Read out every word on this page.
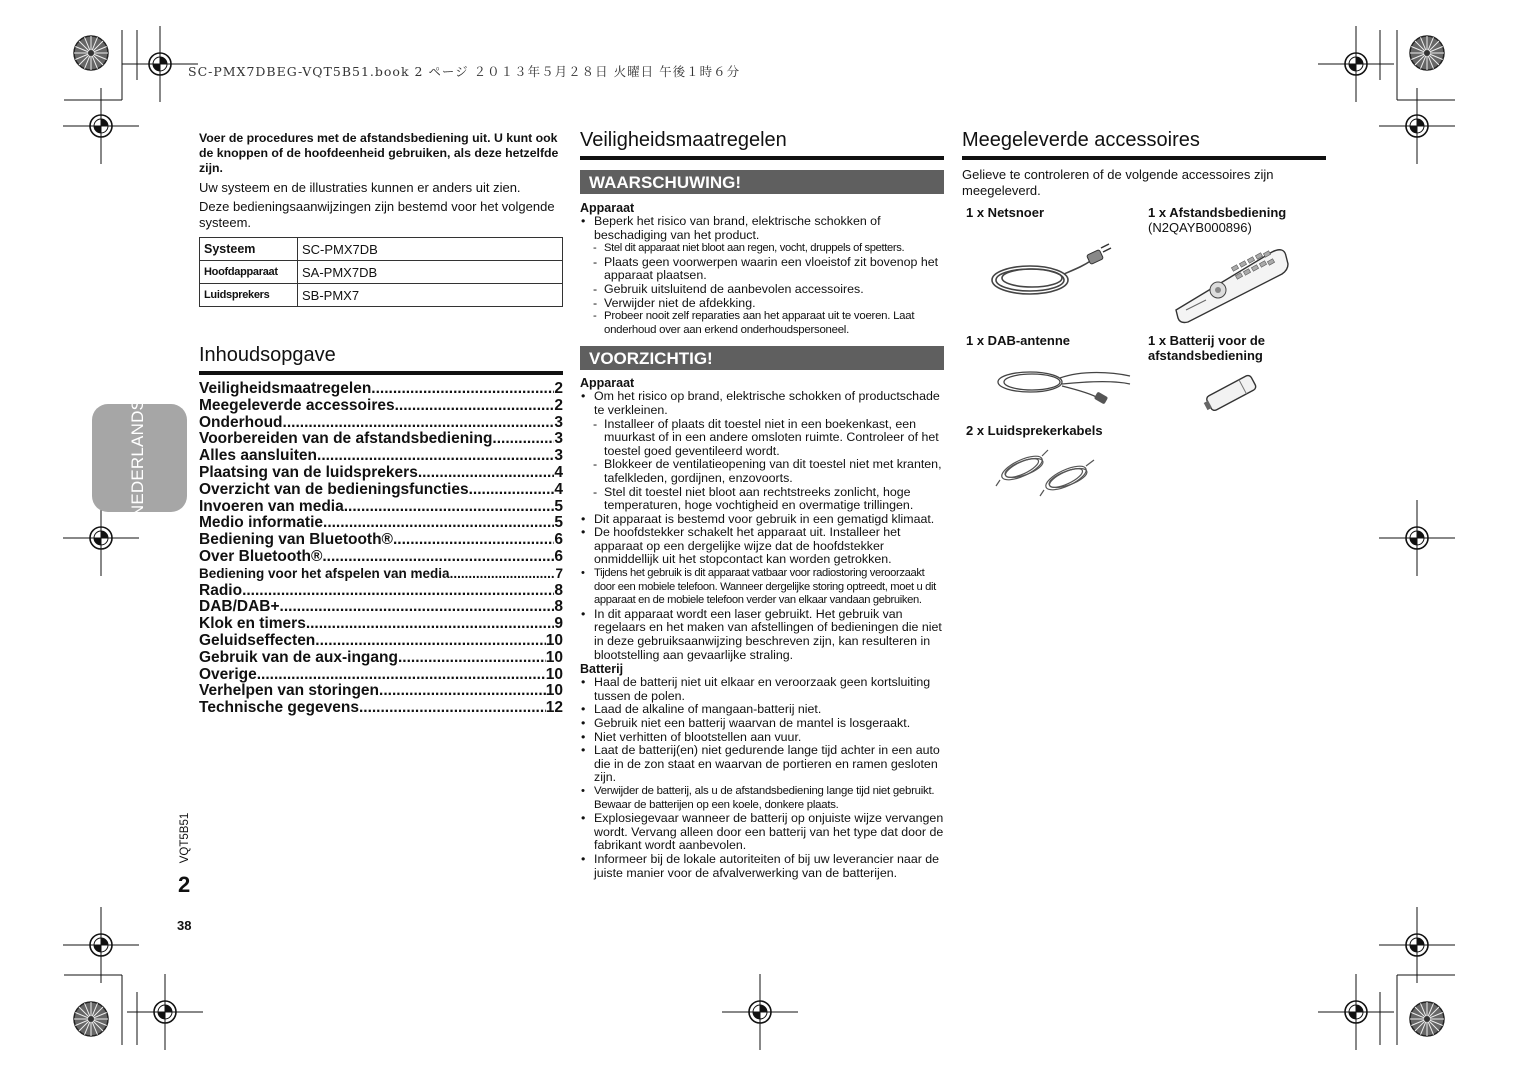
SC-PMX7DBEG-VQT5B51.book 2 ページ ２０１３年５月２８日 火曜日 午後１時６分

Voer de procedures met de afstandsbediening uit. U kunt ook de knoppen of de hoofdeenheid gebruiken, als deze hetzelfde zijn.

Uw systeem en de illustraties kunnen er anders uit zien.

Deze bedieningsaanwijzingen zijn bestemd voor het volgende systeem.

Systeem	SC-PMX7DB
Hoofdapparaat	SA-PMX7DB
Luidsprekers	SB-PMX7
Inhoudsopgave
Veiligheidsmaatregelen .....	2
Meegeleverde accessoires .....	2
Onderhoud .....	3
Voorbereiden van de afstandsbediening .....	3
Alles aansluiten .....	3
Plaatsing van de luidsprekers .....	4
Overzicht van de bedieningsfuncties .....	4
Invoeren van media .....	5
Medio informatie .....	5
Bediening van Bluetooth® .....	6
Over Bluetooth® .....	6
Bediening voor het afspelen van media .....	7
Radio .....	8
DAB/DAB+ .....	8
Klok en timers .....	9
Geluidseffecten .....	10
Gebruik van de aux-ingang .....	10
Overige .....	10
Verhelpen van storingen .....	10
Technische gegevens .....	12
NEDERLANDS
VQT5B51
2
38
Veiligheidsmaatregelen
WAARSCHUWING!
Apparaat
• Beperk het risico van brand, elektrische schokken of beschadiging van het product.
- Stel dit apparaat niet bloot aan regen, vocht, druppels of spetters.
- Plaats geen voorwerpen waarin een vloeistof zit bovenop het apparaat plaatsen.
- Gebruik uitsluitend de aanbevolen accessoires.
- Verwijder niet de afdekking.
- Probeer nooit zelf reparaties aan het apparaat uit te voeren. Laat onderhoud over aan erkend onderhoudspersoneel.
VOORZICHTIG!
Apparaat
• Om het risico op brand, elektrische schokken of productschade te verkleinen.
- Installeer of plaats dit toestel niet in een boekenkast, een muurkast of in een andere omsloten ruimte. Controleer of het toestel goed geventileerd wordt.
- Blokkeer de ventilatieopening van dit toestel niet met kranten, tafelkleden, gordijnen, enzovoorts.
- Stel dit toestel niet bloot aan rechtstreeks zonlicht, hoge temperaturen, hoge vochtigheid en overmatige trillingen.
• Dit apparaat is bestemd voor gebruik in een gematigd klimaat.
• De hoofdstekker schakelt het apparaat uit. Installeer het apparaat op een dergelijke wijze dat de hoofdstekker onmiddellijk uit het stopcontact kan worden getrokken.
• Tijdens het gebruik is dit apparaat vatbaar voor radiostoring veroorzaakt door een mobiele telefoon. Wanneer dergelijke storing optreedt, moet u dit apparaat en de mobiele telefoon verder van elkaar vandaan gebruiken.
• In dit apparaat wordt een laser gebruikt. Het gebruik van regelaars en het maken van afstellingen of bedieningen die niet in deze gebruiksaanwijzing beschreven zijn, kan resulteren in blootstelling aan gevaarlijke straling.
Batterij
• Haal de batterij niet uit elkaar en veroorzaak geen kortsluiting tussen de polen.
• Laad de alkaline of mangaan-batterij niet.
• Gebruik niet een batterij waarvan de mantel is losgeraakt.
• Niet verhitten of blootstellen aan vuur.
• Laat de batterij(en) niet gedurende lange tijd achter in een auto die in de zon staat en waarvan de portieren en ramen gesloten zijn.
• Verwijder de batterij, als u de afstandsbediening lange tijd niet gebruikt. Bewaar de batterijen op een koele, donkere plaats.
• Explosiegevaar wanneer de batterij op onjuiste wijze vervangen wordt. Vervang alleen door een batterij van het type dat door de fabrikant wordt aanbevolen.
• Informeer bij de lokale autoriteiten of bij uw leverancier naar de juiste manier voor de afvalverwerking van de batterijen.
Meegeleverde accessoires

Gelieve te controleren of de volgende accessoires zijn meegeleverd.

1 x Netsnoer	1 x Afstandsbediening
(N2QAYB000896)
1 x DAB-antenne	1 x Batterij voor de afstandsbediening
2 x Luidsprekerkabels
